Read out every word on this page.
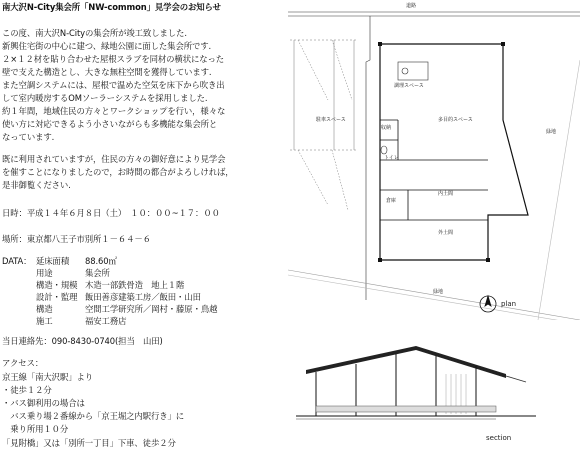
南大沢N-City集会所「NW-common」見学会のお知らせ
この度、南大沢N-Cityの集会所が竣工致しました.
新興住宅街の中心に建つ、緑地公園に面した集会所です.
２×１２材を貼り合わせた屋根スラブを同材の横状になった
壁で支えた構造とし、大きな無柱空間を獲得しています.
また空調システムには、屋根で温めた空気を床下から吹き出
して室内暖房するOMソーラーシステムを採用しました.
約１年間，地域住民の方々とワークショップを行い，様々な
使い方に対応できるよう小さいながらも多機能な集会所と
なっています.
既に利用されていますが，住民の方々の御好意により見学会
を催すことになりましたので，お時間の都合がよろしければ，
是非御覧ください.
日時：平成１４年６月８日（土）　１０：００~１７：００
場所：東京都八王子市別所１－６４－６
DATA： 延床面積 88.60㎡
用途	集会所
構造・規模 木造一部鉄骨造　地上１階
設計・監理 飯田善彦建築工房／飯田・山田
構造	空間工学研究所／岡村・藤原・鳥越
施工	福安工務店
当日連絡先：090-8430-0740(担当　山田)
アクセス：
京王線「南大沢駅」より
・徒歩１２分
・バス御利用の場合は
　バス乗り場２番線から「京王堀之内駅行き」に
　乗り所用１０分
「見附橋」又は「別所一丁目」下車、徒歩２分
道路
駐車スペース
調理スペース
収納
トイレ
多目的スペース
緑地
内土間
倉庫
外土間
緑地
plan
section
